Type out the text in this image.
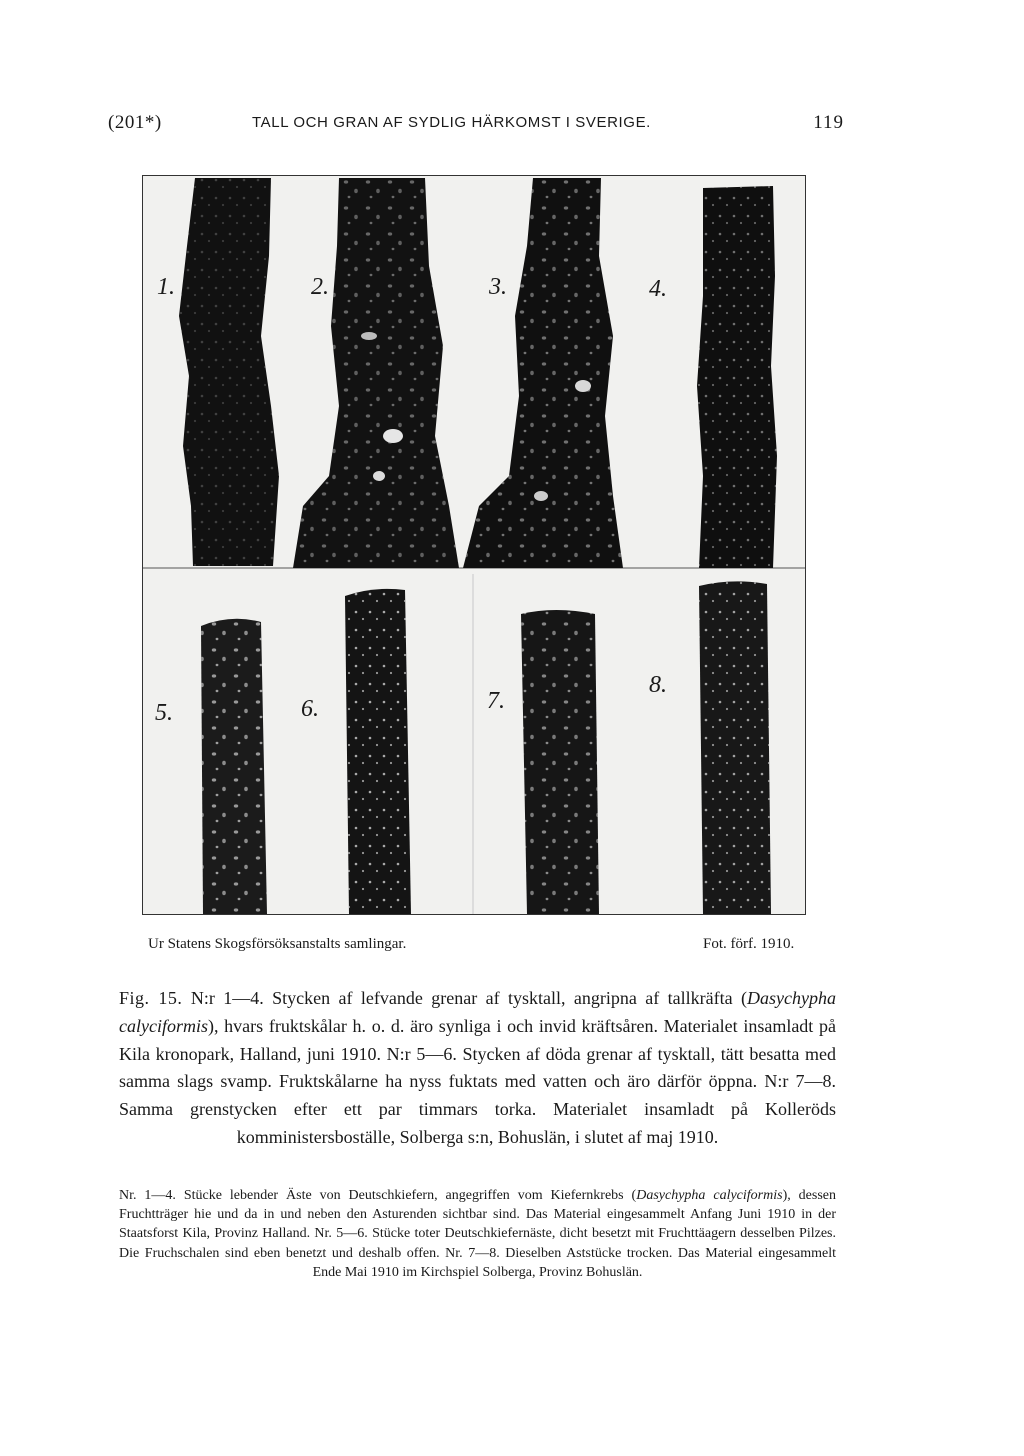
(201*)	TALL OCH GRAN AF SYDLIG HÄRKOMST I SVERIGE.	119
1.	2.	3.	4.
5.	6.	7.
8.
Ur Statens Skogsförsöksanstalts samlingar.	Fot. förf. 1910.

Fig. 15. N:r 1—4. Stycken af lefvande grenar af tysktall, angripna af tallkräfta (Dasychypha calyciformis), hvars fruktskålar h. o. d. äro synliga i och invid kräftsåren. Materialet insamladt på Kila kronopark, Halland, juni 1910. N:r 5—6. Stycken af döda grenar af tysktall, tätt besatta med samma slags svamp. Fruktskålarne ha nyss fuktats med vatten och äro därför öppna. N:r 7—8. Samma grenstycken efter ett par timmars torka. Materialet insamladt på Kolleröds komministersboställe, Solberga s:n, Bohuslän, i slutet af maj 1910.

Nr. 1—4. Stücke lebender Äste von Deutschkiefern, angegriffen vom Kiefernkrebs (Dasychypha calyciformis), dessen Fruchtträger hie und da in und neben den Asturenden sichtbar sind. Das Material eingesammelt Anfang Juni 1910 in der Staatsforst Kila, Provinz Halland. Nr. 5—6. Stücke toter Deutschkiefernäste, dicht besetzt mit Fruchttäagern desselben Pilzes. Die Fruchschalen sind eben benetzt und deshalb offen. Nr. 7—8. Dieselben Aststücke trocken. Das Material eingesammelt Ende Mai 1910 im Kirchspiel Solberga, Provinz Bohuslän.
